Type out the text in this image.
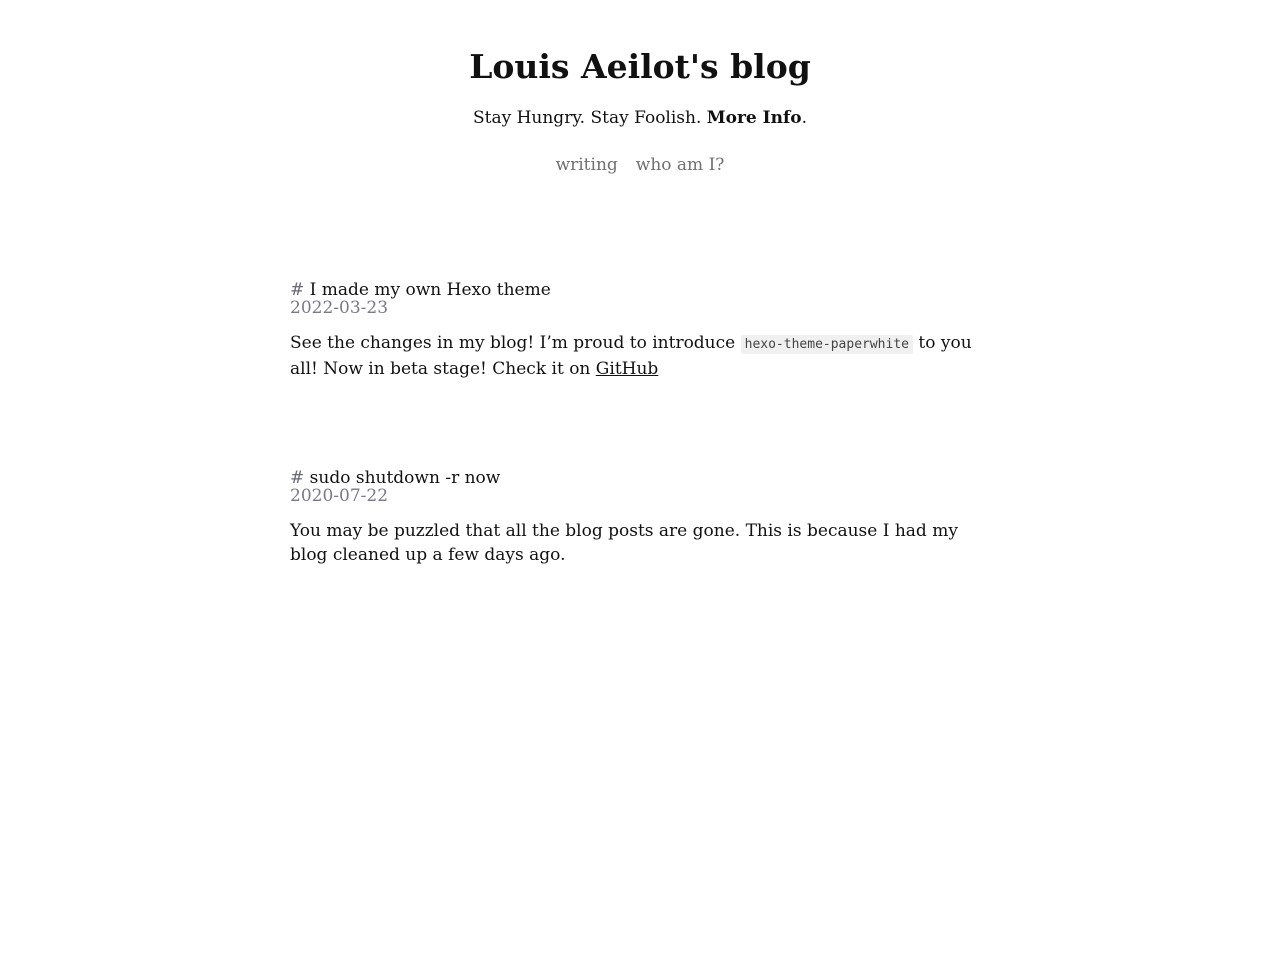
Louis Aeilot's blog
Stay Hungry. Stay Foolish. More Info.
writing who am I?
# I made my own Hexo theme
2022-03-23
See the changes in my blog! I’m proud to introduce hexo-theme-paperwhite to you all! Now in beta stage! Check it on GitHub
# sudo shutdown -r now
2020-07-22
You may be puzzled that all the blog posts are gone. This is because I had my blog cleaned up a few days ago.
